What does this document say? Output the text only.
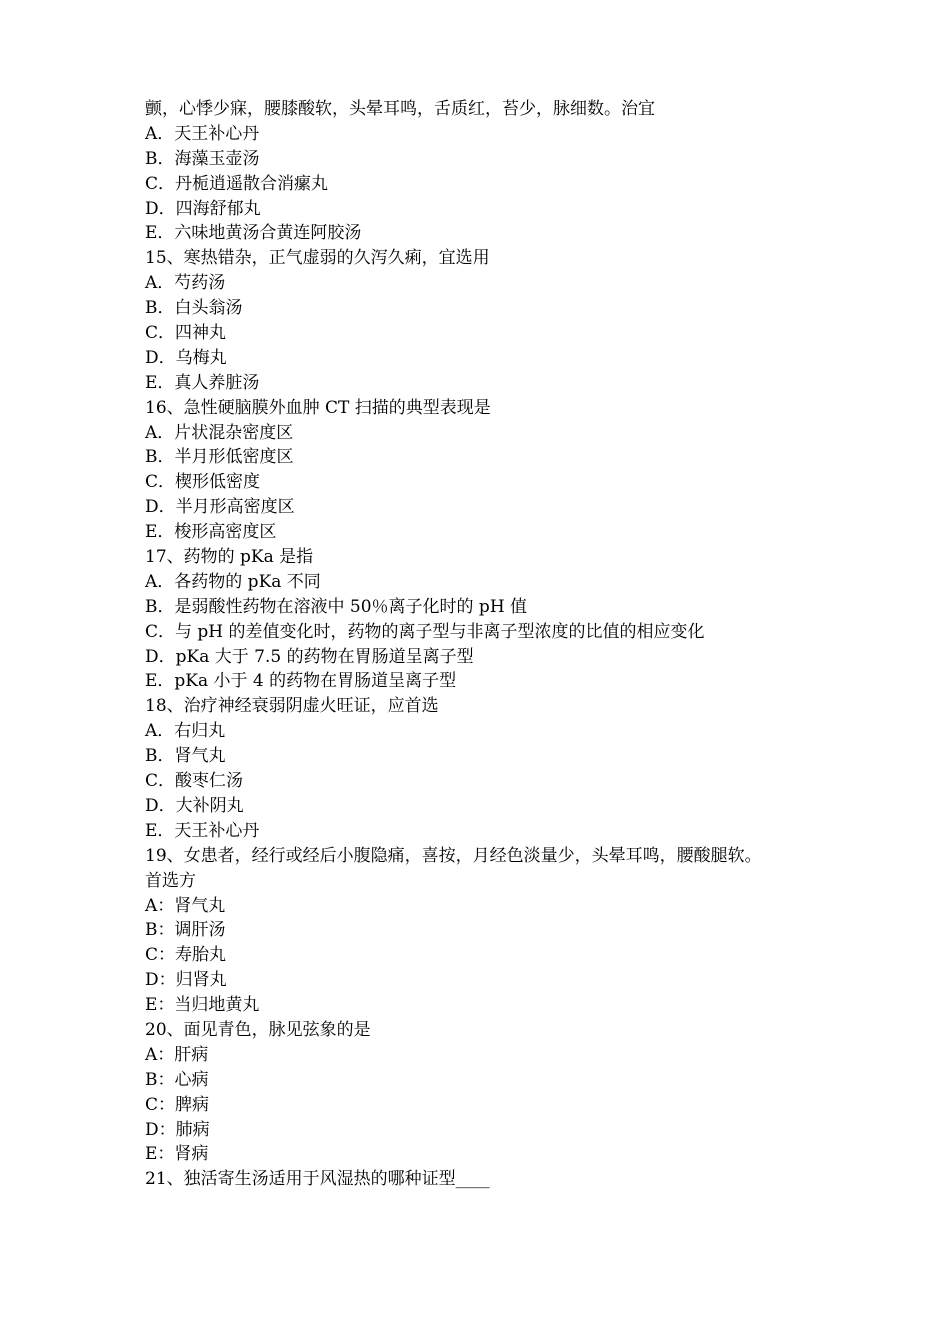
颤，心悸少寐，腰膝酸软，头晕耳鸣，舌质红，苔少，脉细数。治宜
A．天王补心丹
B．海藻玉壶汤
C．丹栀逍遥散合消瘰丸
D．四海舒郁丸
E．六味地黄汤合黄连阿胶汤
15、寒热错杂，正气虚弱的久泻久痢，宜选用
A．芍药汤
B．白头翁汤
C．四神丸
D．乌梅丸
E．真人养脏汤
16、急性硬脑膜外血肿 CT 扫描的典型表现是
A．片状混杂密度区
B．半月形低密度区
C．楔形低密度
D．半月形高密度区
E．梭形高密度区
17、药物的 pKa 是指
A．各药物的 pKa 不同
B．是弱酸性药物在溶液中 50％离子化时的 pH 值
C．与 pH 的差值变化时，药物的离子型与非离子型浓度的比值的相应变化
D．pKa 大于 7.5 的药物在胃肠道呈离子型
E．pKa 小于 4 的药物在胃肠道呈离子型
18、治疗神经衰弱阴虚火旺证，应首选
A．右归丸
B．肾气丸
C．酸枣仁汤
D．大补阴丸
E．天王补心丹
19、女患者，经行或经后小腹隐痛，喜按，月经色淡量少，头晕耳鸣，腰酸腿软。
首选方
A：肾气丸
B：调肝汤
C：寿胎丸
D：归肾丸
E：当归地黄丸
20、面见青色，脉见弦象的是
A：肝病
B：心病
C：脾病
D：肺病
E：肾病
21、独活寄生汤适用于风湿热的哪种证型____
